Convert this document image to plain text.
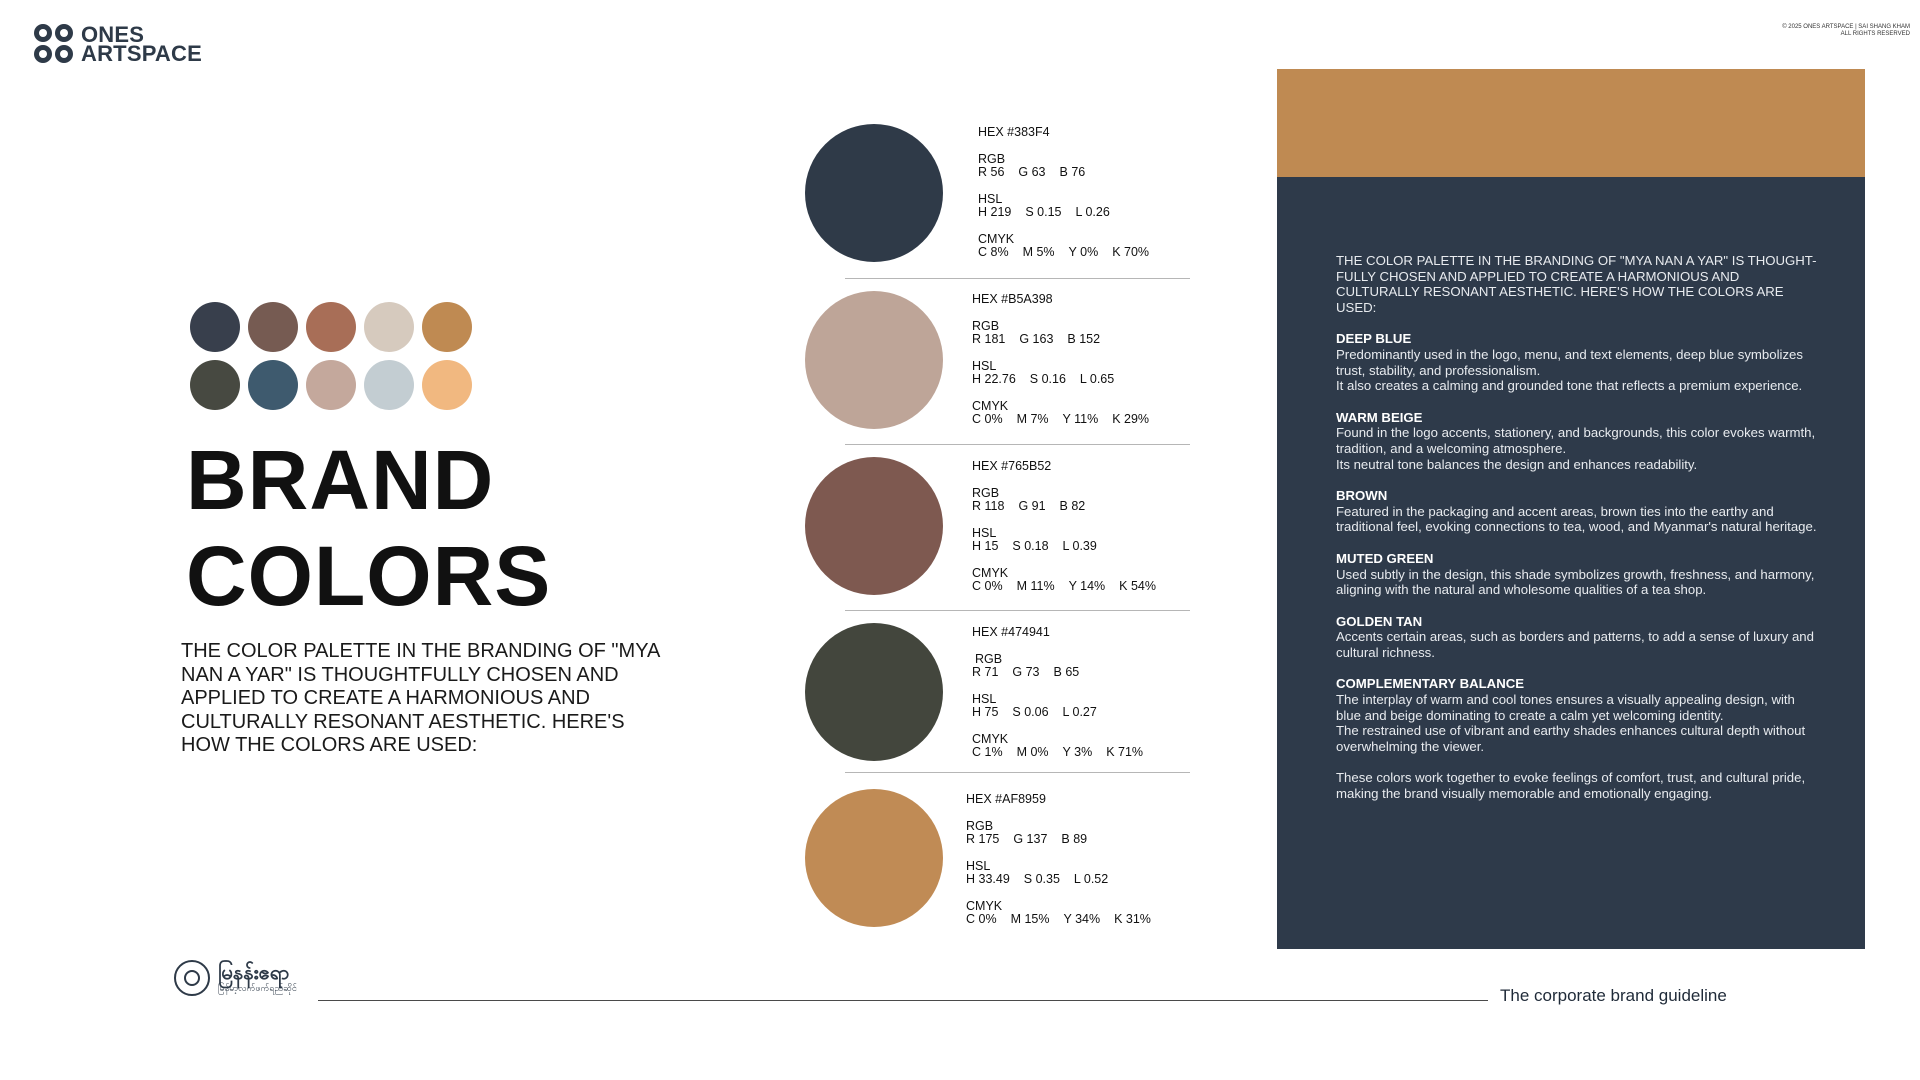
ONES
ARTSPACE
© 2025 ONES ARTSPACE | SAI SHANG KHAM
ALL RIGHTS RESERVED
BRAND
COLORS
THE COLOR PALETTE IN THE BRANDING OF "MYA NAN A YAR" IS THOUGHTFULLY CHOSEN AND APPLIED TO CREATE A HARMONIOUS AND CULTURALLY RESONANT AESTHETIC. HERE'S HOW THE COLORS ARE USED:
HEX #383F4
RGB
R 56 G 63 B 76
HSL
H 219 S 0.15 L 0.26
CMYK
C 8% M 5% Y 0% K 70%
HEX #B5A398
RGB
R 181 G 163 B 152
HSL
H 22.76 S 0.16 L 0.65
CMYK
C 0% M 7% Y 11% K 29%
HEX #765B52
RGB
R 118 G 91 B 82
HSL
H 15 S 0.18 L 0.39
CMYK
C 0% M 11% Y 14% K 54%
HEX #474941
RGB
R 71 G 73 B 65
HSL
H 75 S 0.06 L 0.27
CMYK
C 1% M 0% Y 3% K 71%
HEX #AF8959
RGB
R 175 G 137 B 89
HSL
H 33.49 S 0.35 L 0.52
CMYK
C 0% M 15% Y 34% K 31%

THE COLOR PALETTE IN THE BRANDING OF "MYA NAN A YAR" IS THOUGHT-FULLY CHOSEN AND APPLIED TO CREATE A HARMONIOUS AND CULTURALLY RESONANT AESTHETIC. HERE'S HOW THE COLORS ARE USED:

DEEP BLUE
Predominantly used in the logo, menu, and text elements, deep blue symbolizes trust, stability, and professionalism.
It also creates a calming and grounded tone that reflects a premium experience.

WARM BEIGE
Found in the logo accents, stationery, and backgrounds, this color evokes warmth, tradition, and a welcoming atmosphere.
Its neutral tone balances the design and enhances readability.

BROWN
Featured in the packaging and accent areas, brown ties into the earthy and traditional feel, evoking connections to tea, wood, and Myanmar's natural heritage.

MUTED GREEN
Used subtly in the design, this shade symbolizes growth, freshness, and harmony, aligning with the natural and wholesome qualities of a tea shop.

GOLDEN TAN
Accents certain areas, such as borders and patterns, to add a sense of luxury and cultural richness.

COMPLEMENTARY BALANCE
The interplay of warm and cool tones ensures a visually appealing design, with blue and beige dominating to create a calm yet welcoming identity.
The restrained use of vibrant and earthy shades enhances cultural depth without overwhelming the viewer.

These colors work together to evoke feelings of comfort, trust, and cultural pride, making the brand visually memorable and emotionally engaging.

မြနန်းဧရာ
မြန်မာ့လက်ဖက်ရည်ဆိုင်	The corporate brand guideline
